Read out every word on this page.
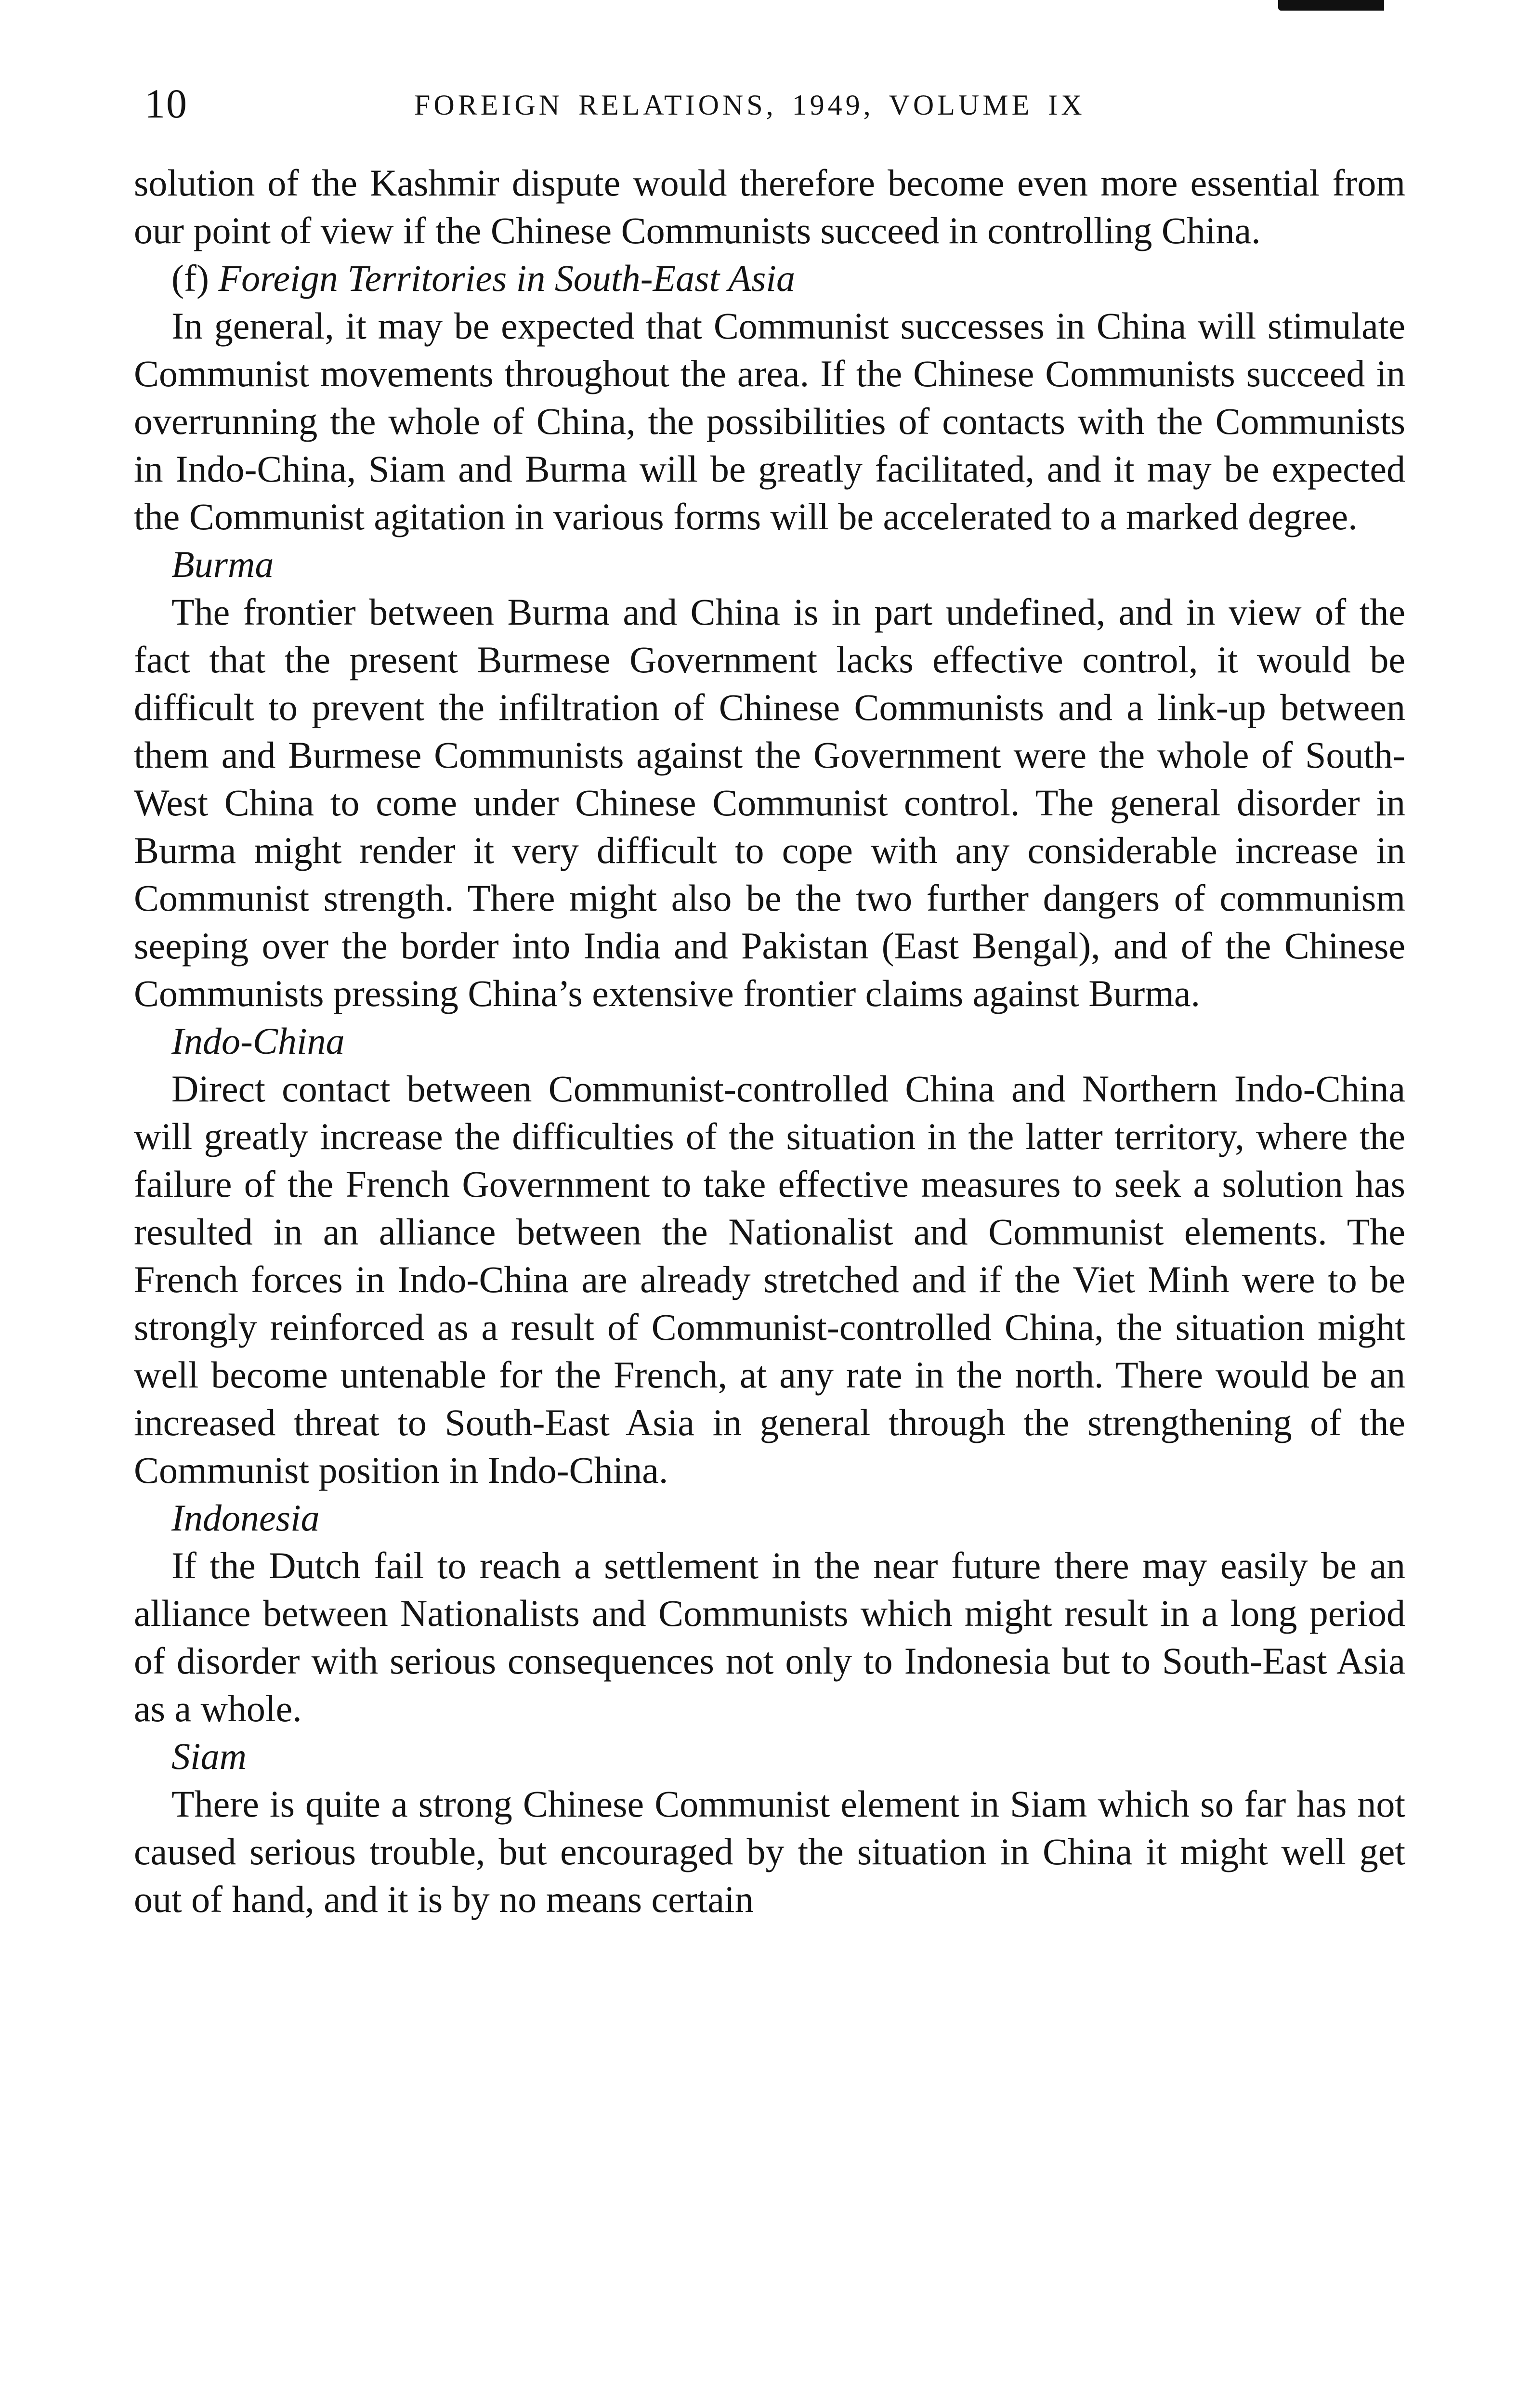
10	FOREIGN RELATIONS, 1949, VOLUME IX

solution of the Kashmir dispute would therefore become even more essential from our point of view if the Chinese Communists succeed in controlling China.

(f) Foreign Territories in South-East Asia

In general, it may be expected that Communist successes in China will stimulate Communist movements throughout the area. If the Chinese Communists succeed in overrunning the whole of China, the possibilities of contacts with the Communists in Indo-China, Siam and Burma will be greatly facilitated, and it may be expected the Communist agitation in various forms will be accelerated to a marked degree.

Burma

The frontier between Burma and China is in part undefined, and in view of the fact that the present Burmese Government lacks effective control, it would be difficult to prevent the infiltration of Chinese Communists and a link-up between them and Burmese Communists against the Government were the whole of South-West China to come under Chinese Communist control. The general disorder in Burma might render it very difficult to cope with any considerable increase in Communist strength. There might also be the two further dangers of communism seeping over the border into India and Pakistan (East Bengal), and of the Chinese Communists pressing China’s extensive frontier claims against Burma.

Indo-China

Direct contact between Communist-controlled China and Northern Indo-China will greatly increase the difficulties of the situation in the latter territory, where the failure of the French Government to take effective measures to seek a solution has resulted in an alliance between the Nationalist and Communist elements. The French forces in Indo-China are already stretched and if the Viet Minh were to be strongly reinforced as a result of Communist-controlled China, the situation might well become untenable for the French, at any rate in the north. There would be an increased threat to South-East Asia in general through the strengthening of the Communist position in Indo-China.

Indonesia

If the Dutch fail to reach a settlement in the near future there may easily be an alliance between Nationalists and Communists which might result in a long period of disorder with serious consequences not only to Indonesia but to South-East Asia as a whole.

Siam

There is quite a strong Chinese Communist element in Siam which so far has not caused serious trouble, but encouraged by the situation in China it might well get out of hand, and it is by no means certain
